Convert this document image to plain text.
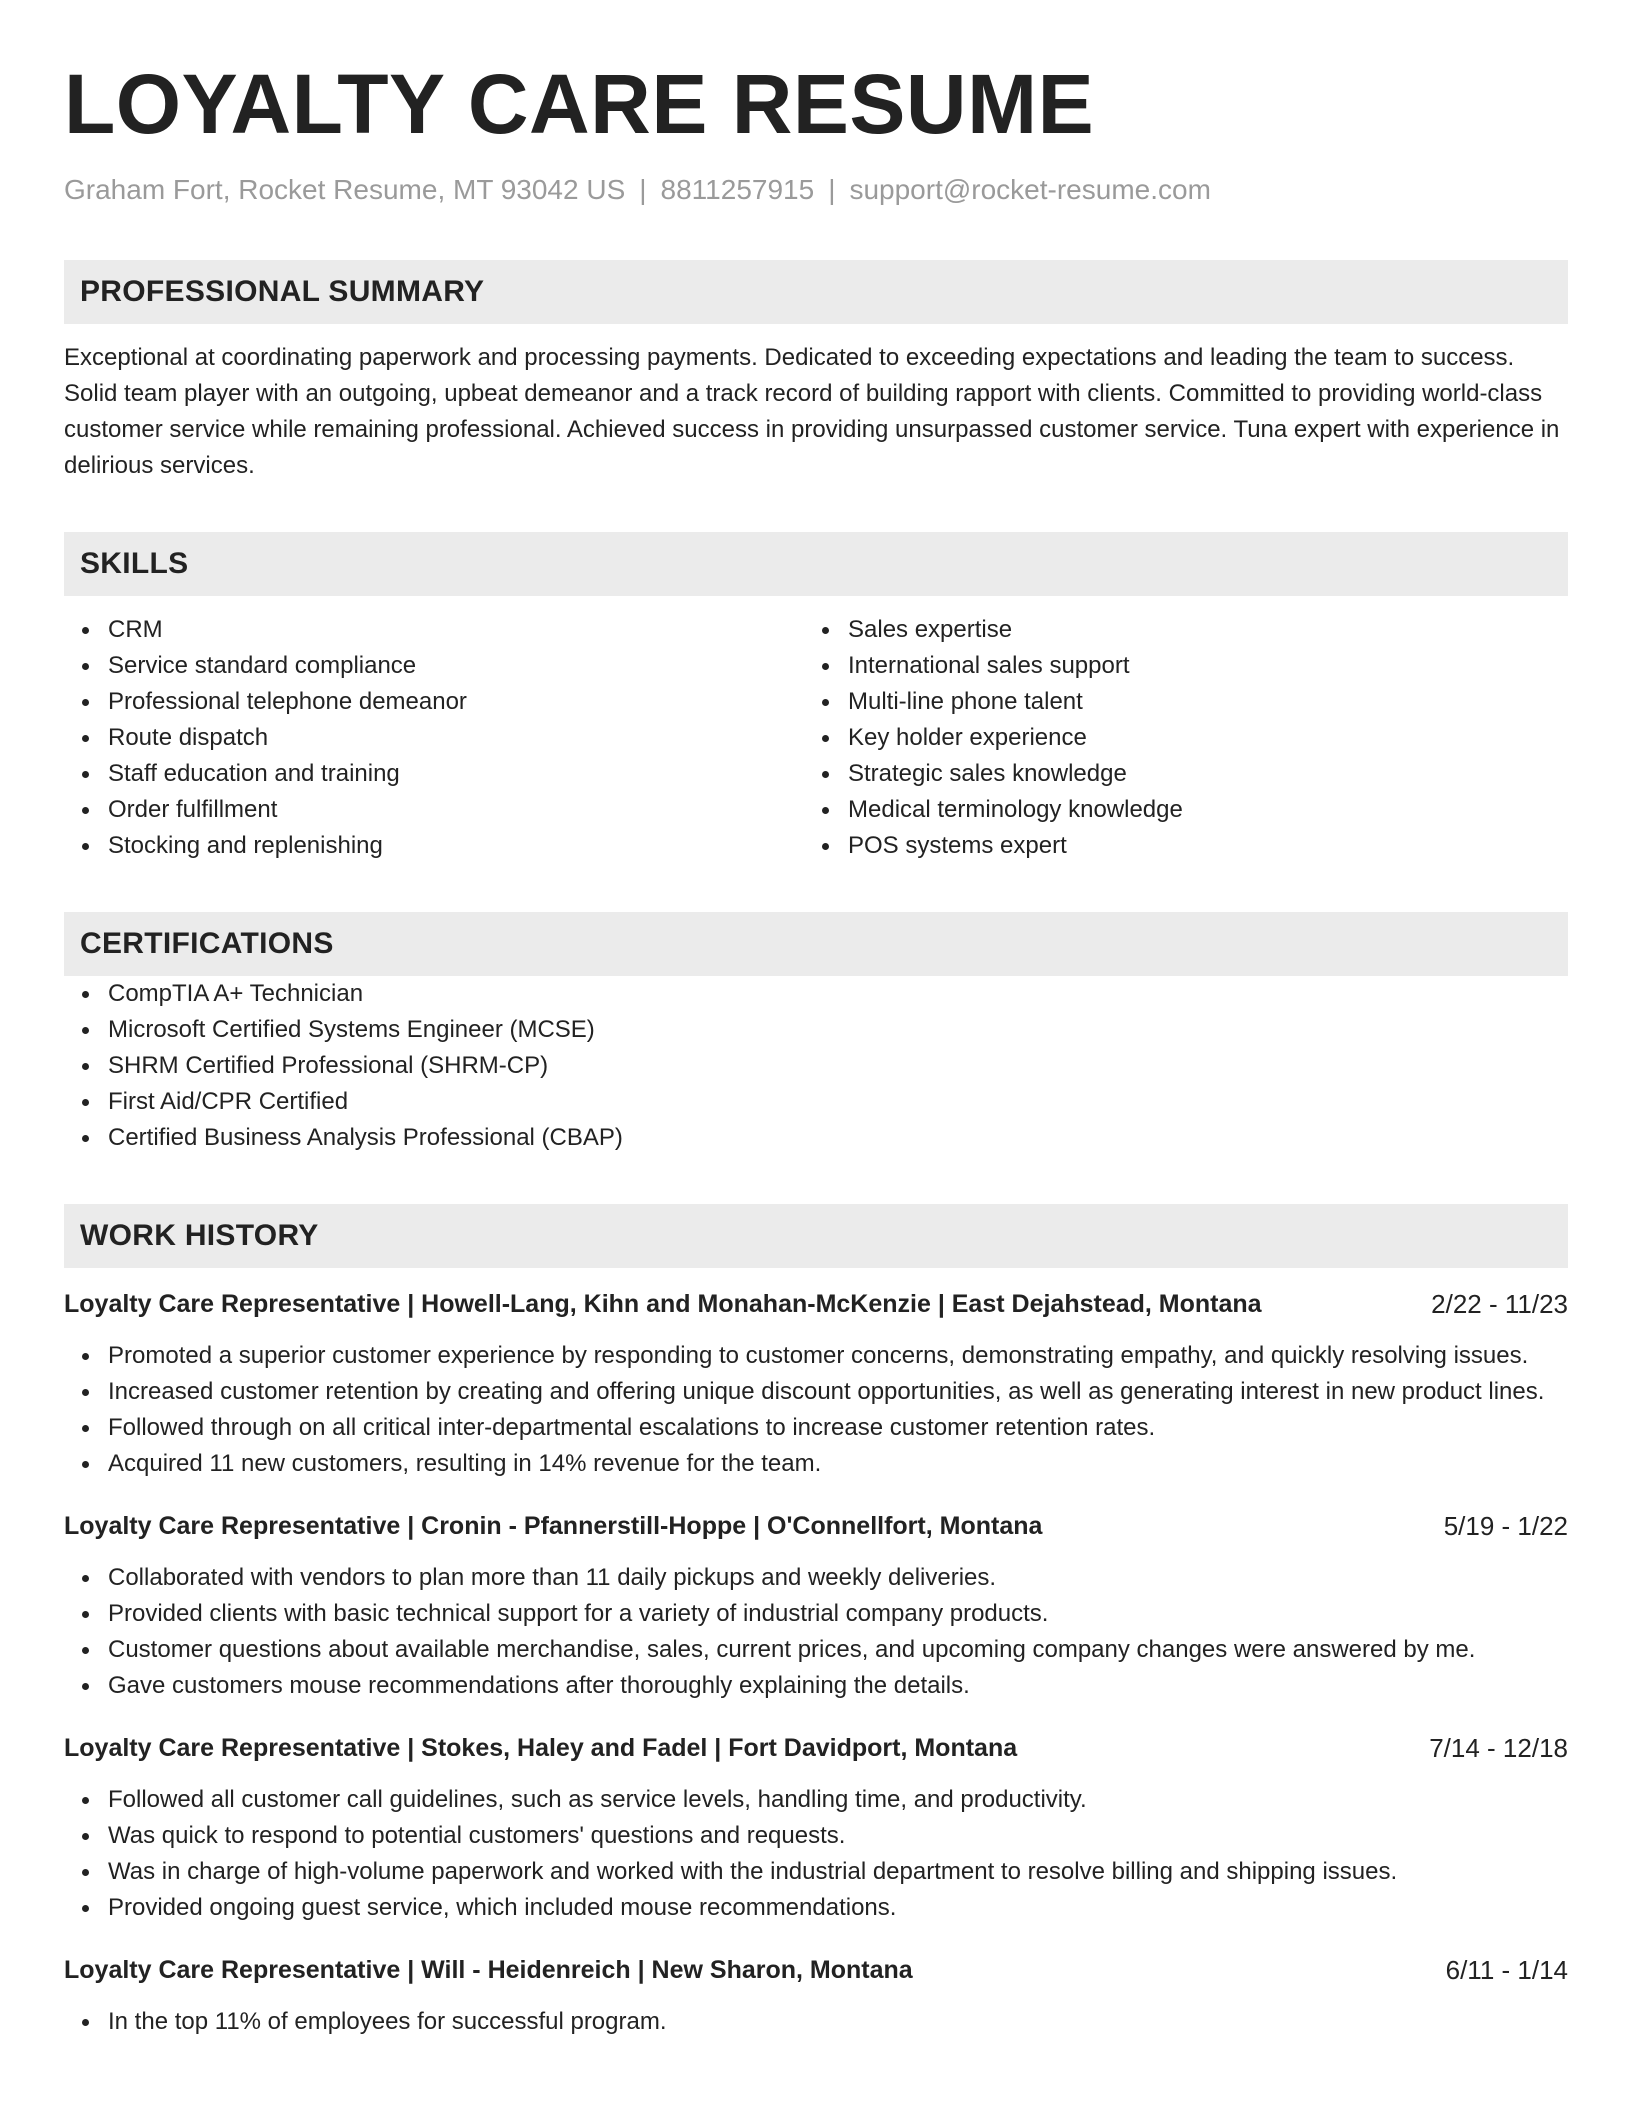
LOYALTY CARE RESUME
Graham Fort, Rocket Resume, MT 93042 US | 8811257915 | support@rocket-resume.com
PROFESSIONAL SUMMARY
Exceptional at coordinating paperwork and processing payments. Dedicated to exceeding expectations and leading the team to success. Solid team player with an outgoing, upbeat demeanor and a track record of building rapport with clients. Committed to providing world-class customer service while remaining professional. Achieved success in providing unsurpassed customer service. Tuna expert with experience in delirious services.
SKILLS
CRM
Service standard compliance
Professional telephone demeanor
Route dispatch
Staff education and training
Order fulfillment
Stocking and replenishing
Sales expertise
International sales support
Multi-line phone talent
Key holder experience
Strategic sales knowledge
Medical terminology knowledge
POS systems expert
CERTIFICATIONS
CompTIA A+ Technician
Microsoft Certified Systems Engineer (MCSE)
SHRM Certified Professional (SHRM-CP)
First Aid/CPR Certified
Certified Business Analysis Professional (CBAP)
WORK HISTORY
Loyalty Care Representative | Howell-Lang, Kihn and Monahan-McKenzie | East Dejahstead, Montana	2/22 - 11/23
Promoted a superior customer experience by responding to customer concerns, demonstrating empathy, and quickly resolving issues.
Increased customer retention by creating and offering unique discount opportunities, as well as generating interest in new product lines.
Followed through on all critical inter-departmental escalations to increase customer retention rates.
Acquired 11 new customers, resulting in 14% revenue for the team.
Loyalty Care Representative | Cronin - Pfannerstill-Hoppe | O'Connellfort, Montana	5/19 - 1/22
Collaborated with vendors to plan more than 11 daily pickups and weekly deliveries.
Provided clients with basic technical support for a variety of industrial company products.
Customer questions about available merchandise, sales, current prices, and upcoming company changes were answered by me.
Gave customers mouse recommendations after thoroughly explaining the details.
Loyalty Care Representative | Stokes, Haley and Fadel | Fort Davidport, Montana	7/14 - 12/18
Followed all customer call guidelines, such as service levels, handling time, and productivity.
Was quick to respond to potential customers' questions and requests.
Was in charge of high-volume paperwork and worked with the industrial department to resolve billing and shipping issues.
Provided ongoing guest service, which included mouse recommendations.
Loyalty Care Representative | Will - Heidenreich | New Sharon, Montana	6/11 - 1/14
In the top 11% of employees for successful program.
